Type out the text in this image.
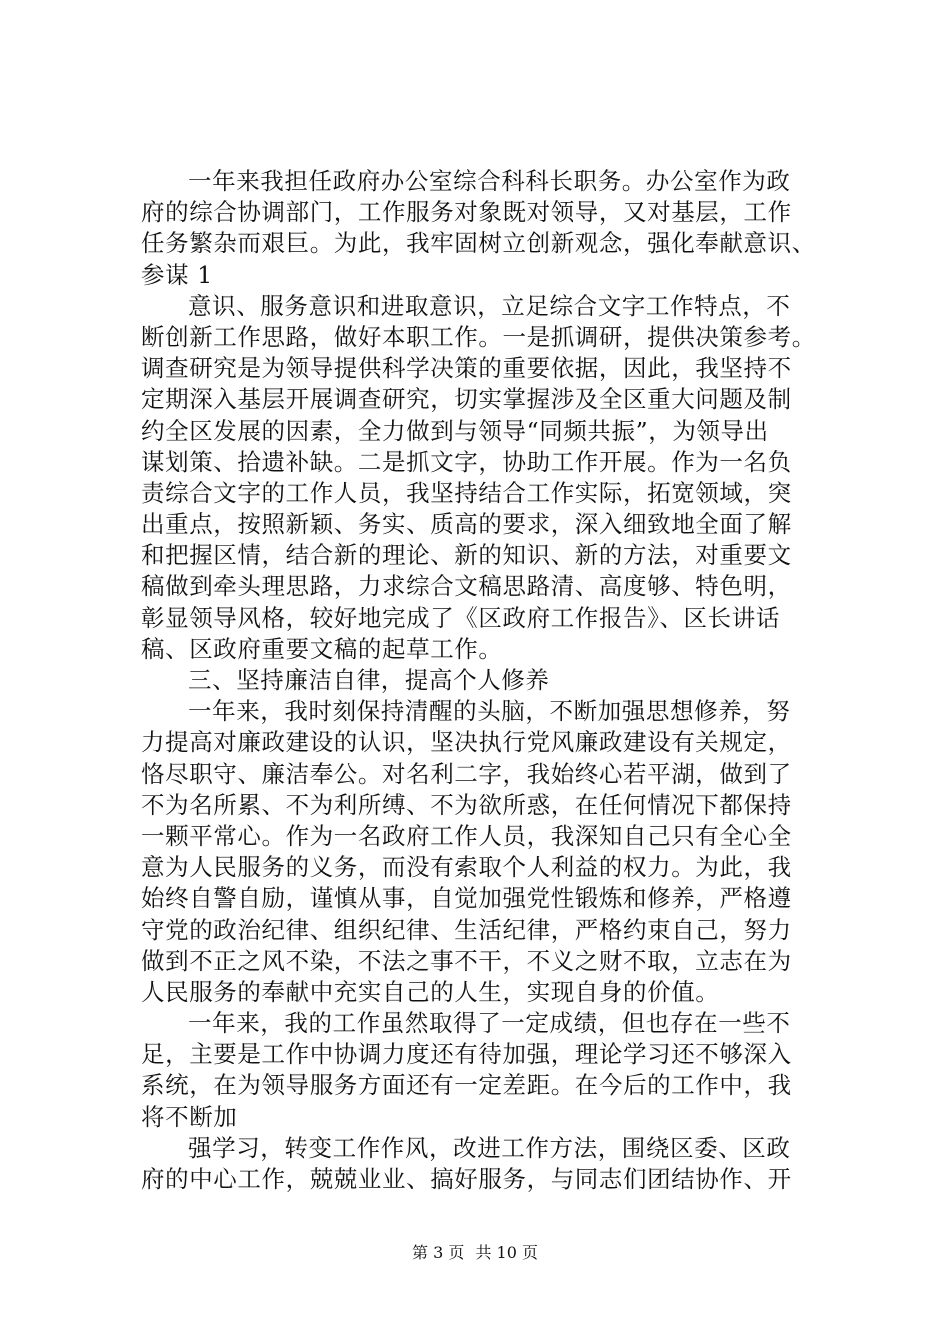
一年来我担任政府办公室综合科科长职务。办公室作为政
府的综合协调部门，工作服务对象既对领导，又对基层，工作
任务繁杂而艰巨。为此，我牢固树立创新观念，强化奉献意识、
参谋 1
意识、服务意识和进取意识，立足综合文字工作特点，不
断创新工作思路，做好本职工作。一是抓调研，提供决策参考。
调查研究是为领导提供科学决策的重要依据，因此，我坚持不
定期深入基层开展调查研究，切实掌握涉及全区重大问题及制
约全区发展的因素，全力做到与领导“同频共振”，为领导出
谋划策、拾遗补缺。二是抓文字，协助工作开展。作为一名负
责综合文字的工作人员，我坚持结合工作实际，拓宽领域，突
出重点，按照新颖、务实、质高的要求，深入细致地全面了解
和把握区情，结合新的理论、新的知识、新的方法，对重要文
稿做到牵头理思路，力求综合文稿思路清、高度够、特色明，
彰显领导风格，较好地完成了《区政府工作报告》、区长讲话
稿、区政府重要文稿的起草工作。
三、坚持廉洁自律，提高个人修养
一年来，我时刻保持清醒的头脑，不断加强思想修养，努
力提高对廉政建设的认识，坚决执行党风廉政建设有关规定，
恪尽职守、廉洁奉公。对名利二字，我始终心若平湖，做到了
不为名所累、不为利所缚、不为欲所惑，在任何情况下都保持
一颗平常心。作为一名政府工作人员，我深知自己只有全心全
意为人民服务的义务，而没有索取个人利益的权力。为此，我
始终自警自励，谨慎从事，自觉加强党性锻炼和修养，严格遵
守党的政治纪律、组织纪律、生活纪律，严格约束自己，努力
做到不正之风不染，不法之事不干，不义之财不取，立志在为
人民服务的奉献中充实自己的人生，实现自身的价值。
一年来，我的工作虽然取得了一定成绩，但也存在一些不
足，主要是工作中协调力度还有待加强，理论学习还不够深入
系统，在为领导服务方面还有一定差距。在今后的工作中，我
将不断加
强学习，转变工作作风，改进工作方法，围绕区委、区政
府的中心工作，兢兢业业、搞好服务，与同志们团结协作、开
第 3 页 共 10 页
